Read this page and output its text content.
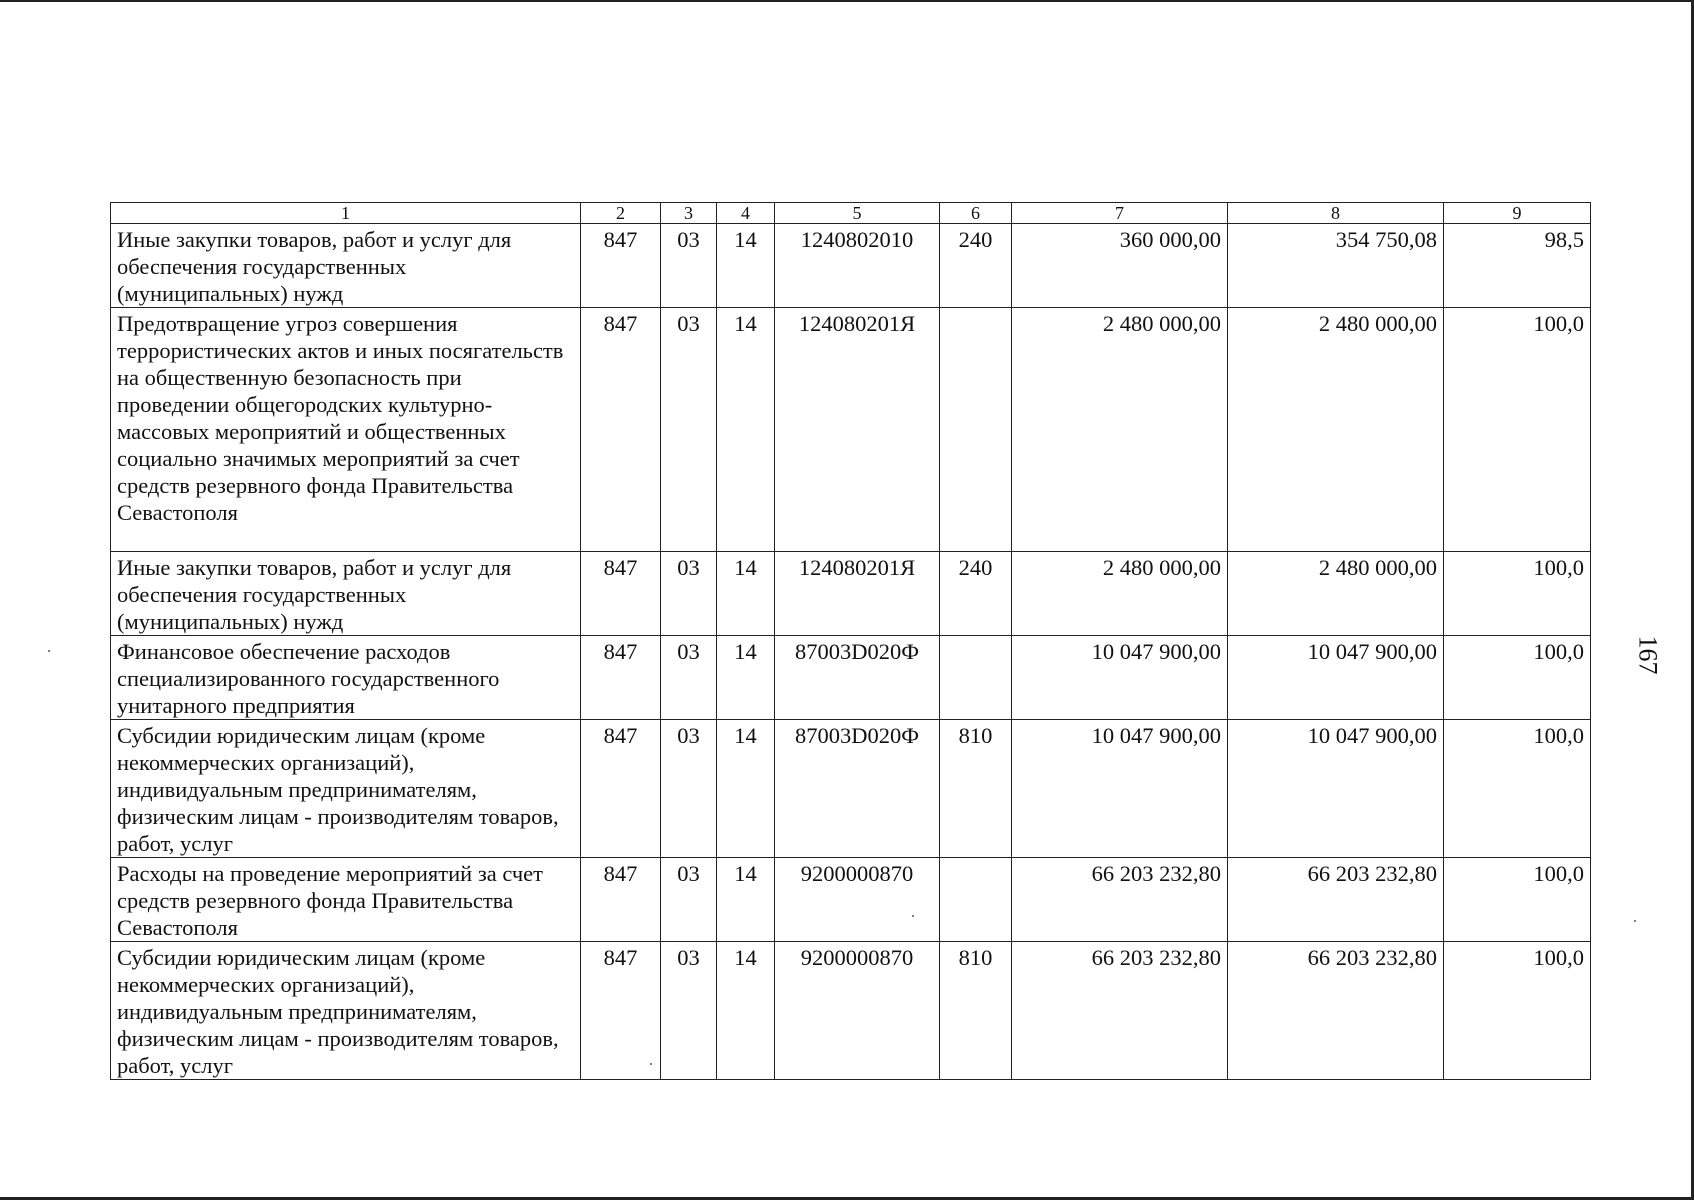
1	2	3	4	5	6	7	8	9
Иные закупки товаров, работ и услуг для обеспечения государственных (муниципальных) нужд	847	03	14	1240802010	240	360 000,00	354 750,08	98,5
Предотвращение угроз совершения террористических актов и иных посягательств на общественную безопасность при проведении общегородских культурно-массовых мероприятий и общественных социально значимых мероприятий за счет средств резервного фонда Правительства Севастополя	847	03	14	124080201Я		2 480 000,00	2 480 000,00	100,0
Иные закупки товаров, работ и услуг для обеспечения государственных (муниципальных) нужд	847	03	14	124080201Я	240	2 480 000,00	2 480 000,00	100,0
Финансовое обеспечение расходов специализированного государственного унитарного предприятия	847	03	14	87003D020Ф		10 047 900,00	10 047 900,00	100,0
Субсидии юридическим лицам (кроме некоммерческих организаций), индивидуальным предпринимателям, физическим лицам - производителям товаров, работ, услуг	847	03	14	87003D020Ф	810	10 047 900,00	10 047 900,00	100,0
Расходы на проведение мероприятий за счет средств резервного фонда Правительства Севастополя	847	03	14	9200000870		66 203 232,80	66 203 232,80	100,0
Субсидии юридическим лицам (кроме некоммерческих организаций), индивидуальным предпринимателям, физическим лицам - производителям товаров, работ, услуг	847	03	14	9200000870	810	66 203 232,80	66 203 232,80	100,0
167
